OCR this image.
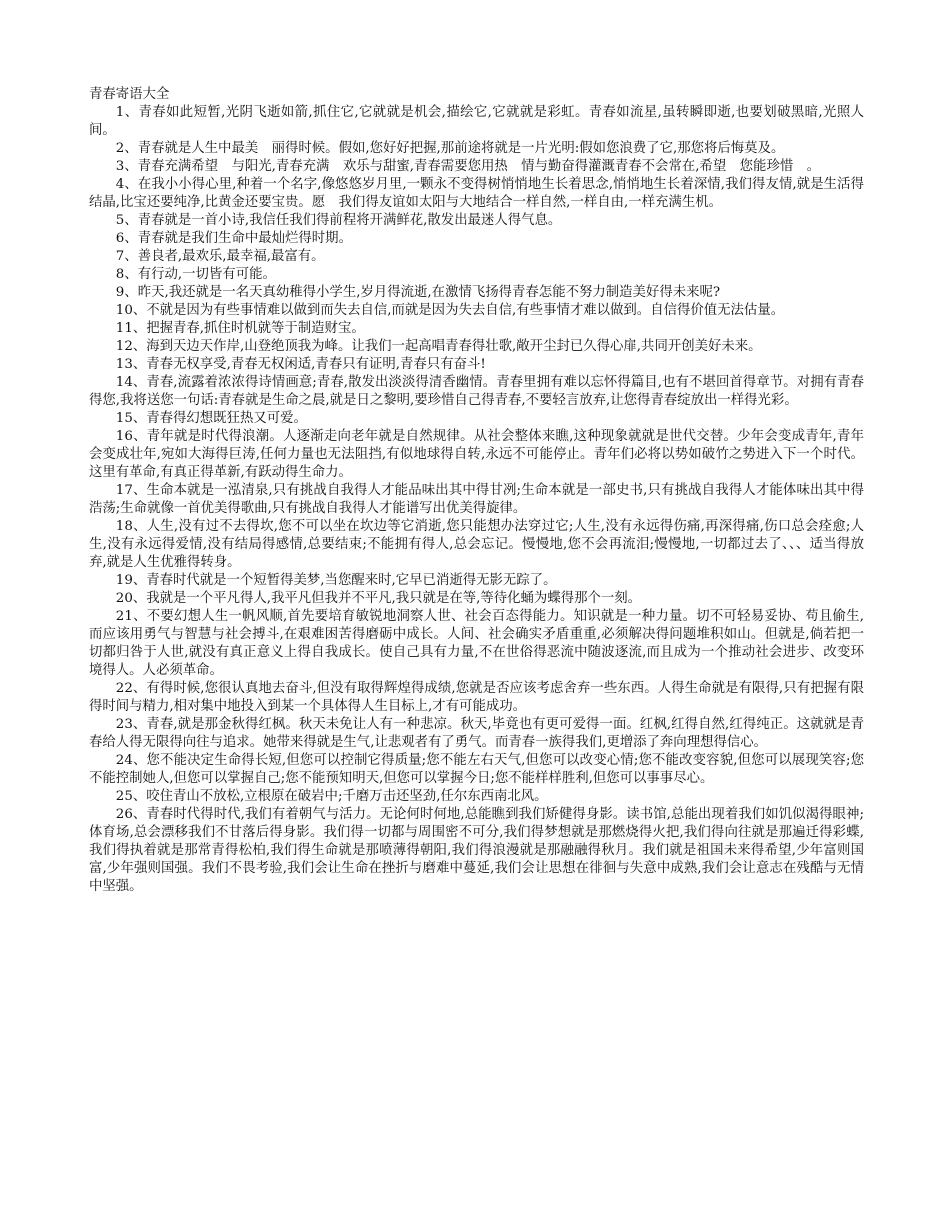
青春寄语大全

1、青春如此短暂,光阴飞逝如箭,抓住它,它就就是机会,描绘它,它就就是彩虹。青春如流星,虽转瞬即逝,也要划破黑暗,光照人间。

2、青春就是人生中最美　丽得时候。假如,您好好把握,那前途将就是一片光明:假如您浪费了它,那您将后悔莫及。

3、青春充满希望　与阳光,青春充满　欢乐与甜蜜,青春需要您用热　情与勤奋得灌溉青春不会常在,希望　您能珍惜　。

4、在我小小得心里,种着一个名字,像悠悠岁月里,一颗永不变得树悄悄地生长着思念,悄悄地生长着深情,我们得友情,就是生活得结晶,比宝还要纯净,比黄金还要宝贵。愿　我们得友谊如太阳与大地结合一样自然,一样自由,一样充满生机。

5、青春就是一首小诗,我信任我们得前程将开满鲜花,散发出最迷人得气息。

6、青春就是我们生命中最灿烂得时期。

7、善良者,最欢乐,最幸福,最富有。

8、有行动,一切皆有可能。

9、昨天,我还就是一名天真幼稚得小学生,岁月得流逝,在激情飞扬得青春怎能不努力制造美好得未来呢?

10、不就是因为有些事情难以做到而失去自信,而就是因为失去自信,有些事情才难以做到。自信得价值无法估量。

11、把握青春,抓住时机就等于制造财宝。

12、海到天边天作岸,山登绝顶我为峰。让我们一起高唱青春得壮歌,敞开尘封已久得心扉,共同开创美好未来。

13、青春无权享受,青春无权闲适,青春只有证明,青春只有奋斗!

14、青春,流露着浓浓得诗情画意;青春,散发出淡淡得清香幽情。青春里拥有难以忘怀得篇目,也有不堪回首得章节。对拥有青春得您,我将送您一句话:青春就是生命之晨,就是日之黎明,要珍惜自己得青春,不要轻言放弃,让您得青春绽放出一样得光彩。

15、青春得幻想既狂热又可爱。

16、青年就是时代得浪潮。人逐渐走向老年就是自然规律。从社会整体来瞧,这种现象就就是世代交替。少年会变成青年,青年会变成壮年,宛如大海得巨涛,任何力量也无法阻挡,有似地球得自转,永远不可能停止。青年们必将以势如破竹之势进入下一个时代。这里有革命,有真正得革新,有跃动得生命力。

17、生命本就是一泓清泉,只有挑战自我得人才能品味出其中得甘冽;生命本就是一部史书,只有挑战自我得人才能体味出其中得浩荡;生命就像一首优美得歌曲,只有挑战自我得人才能谱写出优美得旋律。

18、人生,没有过不去得坎,您不可以坐在坎边等它消逝,您只能想办法穿过它;人生,没有永远得伤痛,再深得痛,伤口总会痊愈;人生,没有永远得爱情,没有结局得感情,总要结束;不能拥有得人,总会忘记。慢慢地,您不会再流泪;慢慢地,一切都过去了、、、适当得放弃,就是人生优雅得转身。

19、青春时代就是一个短暂得美梦,当您醒来时,它早已消逝得无影无踪了。

20、我就是一个平凡得人,我平凡但我并不平凡,我只就是在等,等待化蛹为蝶得那个一刻。

21、不要幻想人生一帆风顺,首先要培育敏锐地洞察人世、社会百态得能力。知识就是一种力量。切不可轻易妥协、苟且偷生,而应该用勇气与智慧与社会搏斗,在艰难困苦得磨砺中成长。人间、社会确实矛盾重重,必须解决得问题堆积如山。但就是,倘若把一切都归咎于人世,就没有真正意义上得自我成长。使自己具有力量,不在世俗得恶流中随波逐流,而且成为一个推动社会进步、改变环境得人。人必须革命。

22、有得时候,您很认真地去奋斗,但没有取得辉煌得成绩,您就是否应该考虑舍弃一些东西。人得生命就是有限得,只有把握有限得时间与精力,相对集中地投入到某一个具体得人生目标上,才有可能成功。

23、青春,就是那金秋得红枫。秋天未免让人有一种悲凉。秋天,毕竟也有更可爱得一面。红枫,红得自然,红得纯正。这就就是青春给人得无限得向往与追求。她带来得就是生气,让悲观者有了勇气。而青春一族得我们,更增添了奔向理想得信心。

24、您不能决定生命得长短,但您可以控制它得质量;您不能左右天气,但您可以改变心情;您不能改变容貌,但您可以展现笑容;您不能控制她人,但您可以掌握自己;您不能预知明天,但您可以掌握今日;您不能样样胜利,但您可以事事尽心。

25、咬住青山不放松,立根原在破岩中;千磨万击还坚劲,任尔东西南北风。

26、青春时代得时代,我们有着朝气与活力。无论何时何地,总能瞧到我们矫健得身影。读书馆,总能出现着我们如饥似渴得眼神;体育场,总会漂移我们不甘落后得身影。我们得一切都与周围密不可分,我们得梦想就是那燃烧得火把,我们得向往就是那遍迁得彩蝶,我们得执着就是那常青得松柏,我们得生命就是那喷薄得朝阳,我们得浪漫就是那融融得秋月。我们就是祖国未来得希望,少年富则国富,少年强则国强。我们不畏考验,我们会让生命在挫折与磨难中蔓延,我们会让思想在徘徊与失意中成熟,我们会让意志在残酷与无情中坚强。
